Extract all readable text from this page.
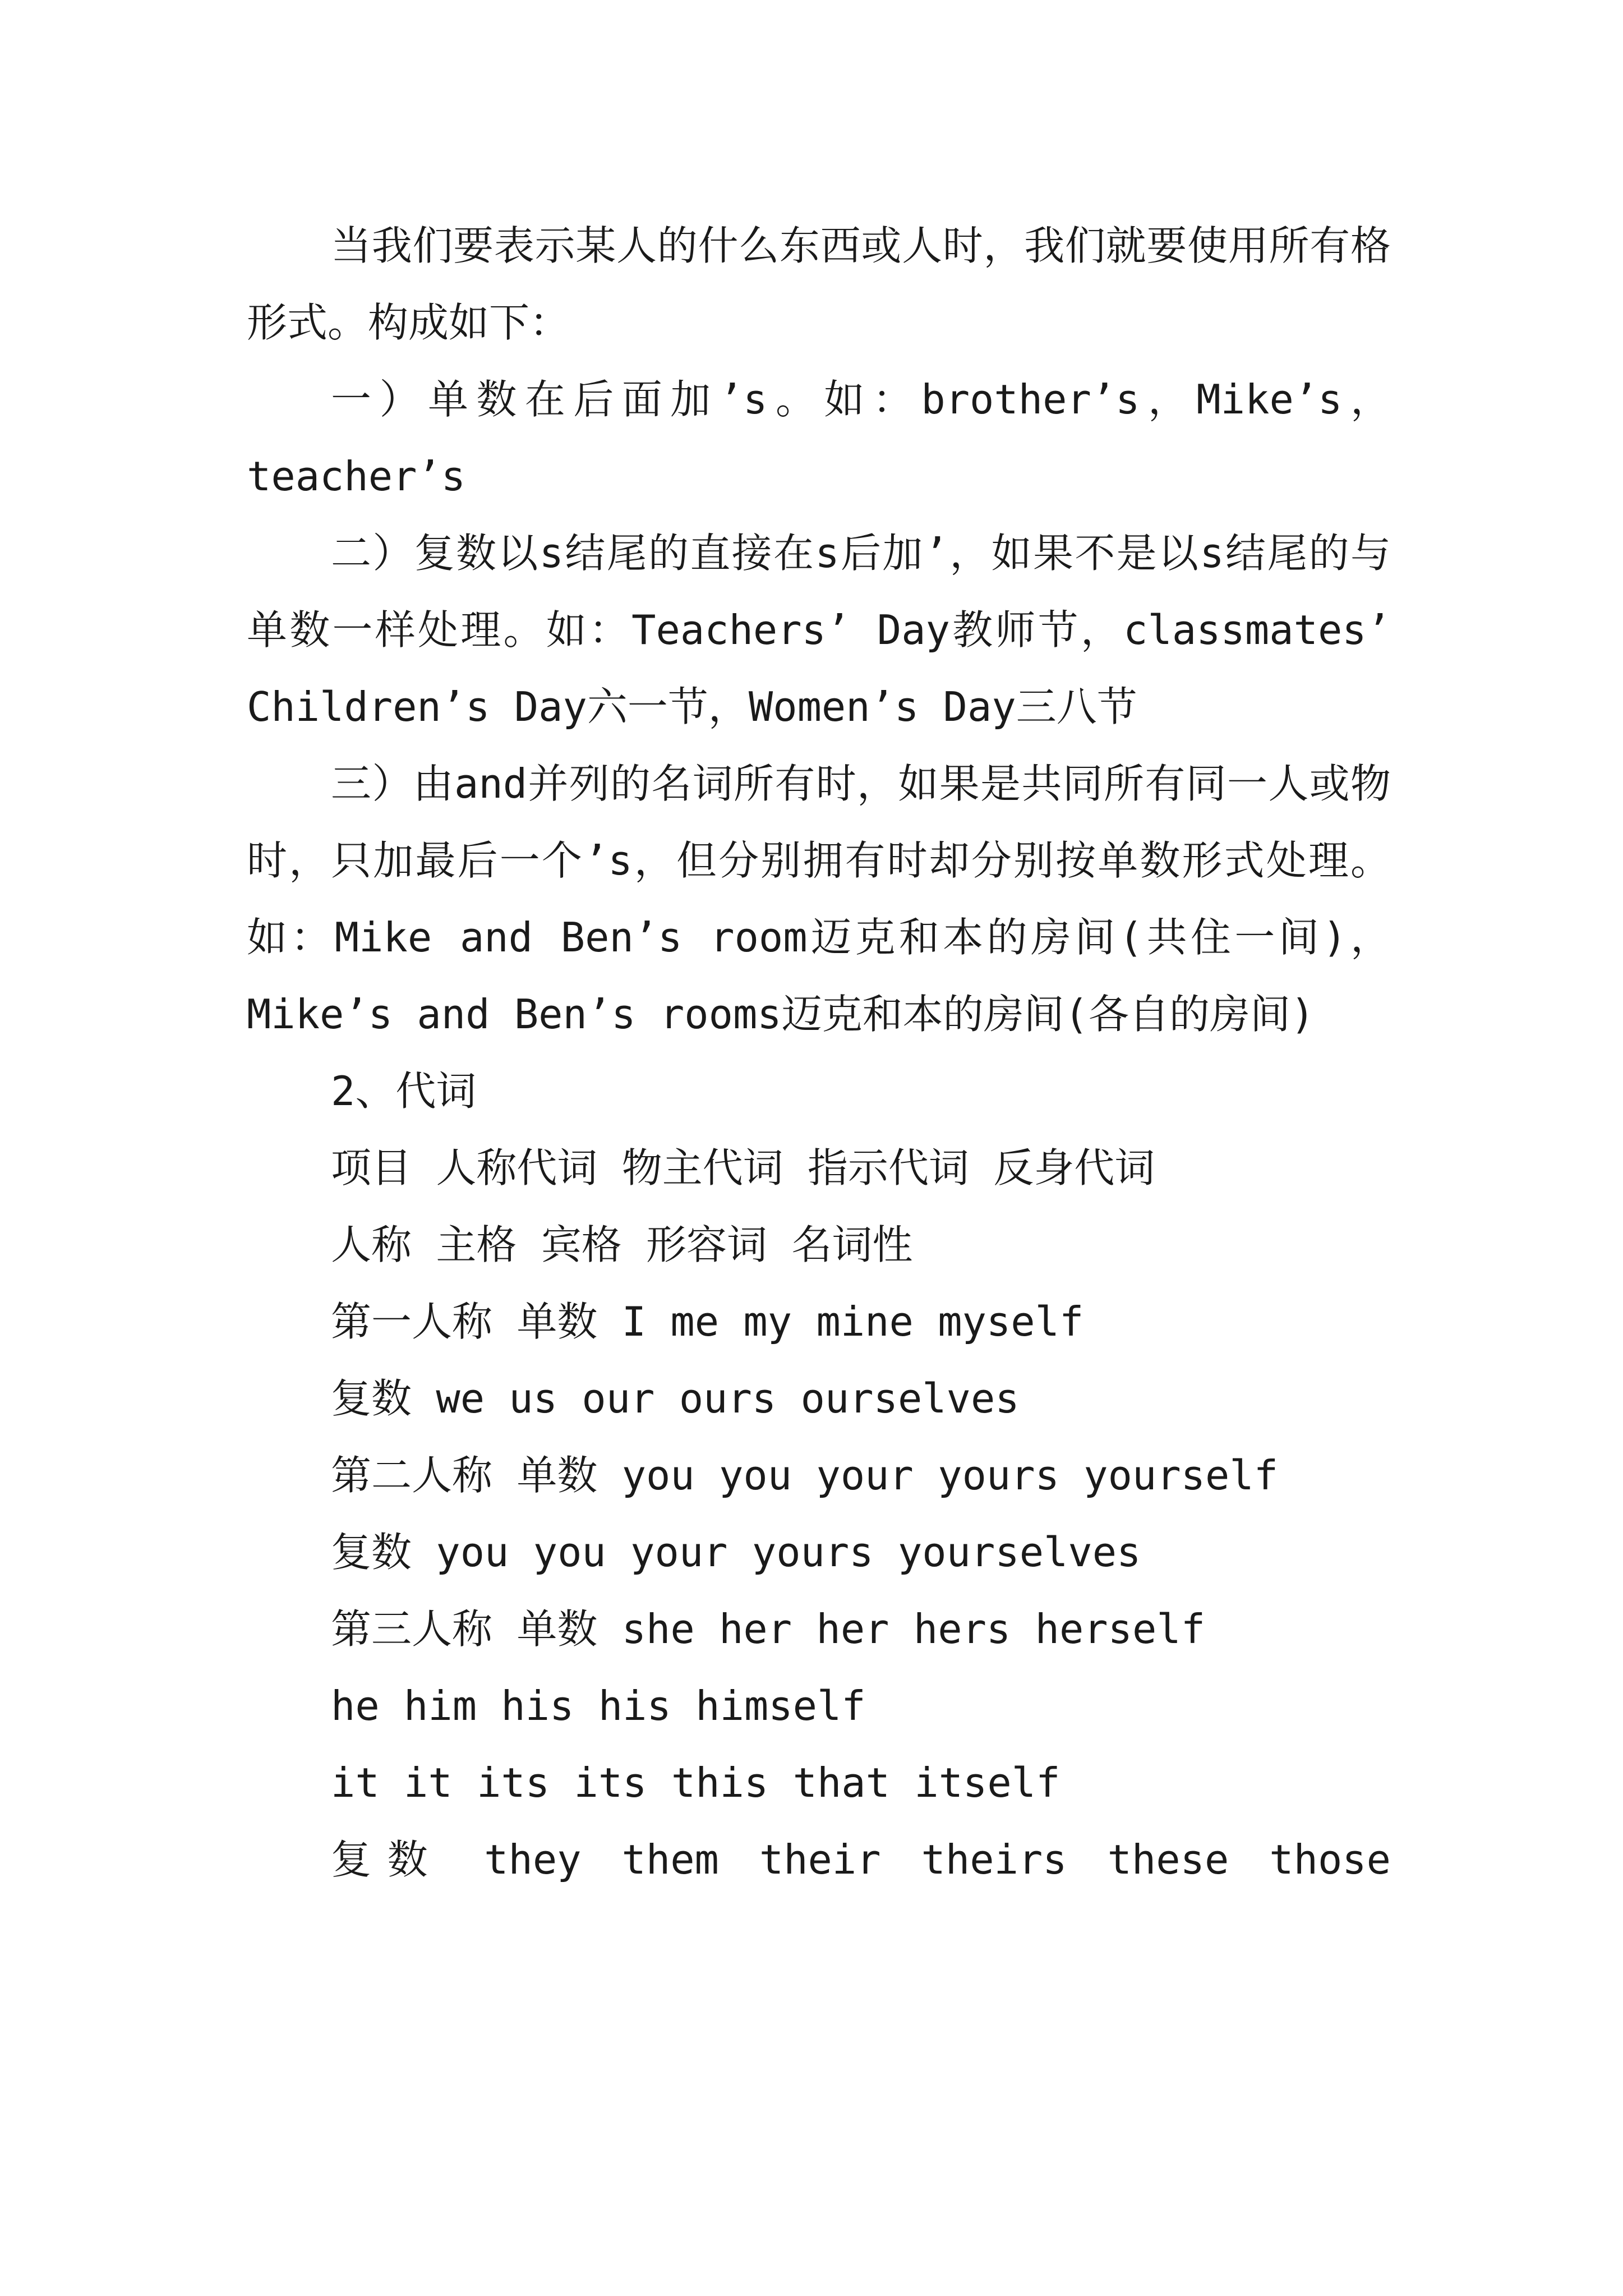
当我们要表示某人的什么东西或人时，我们就要使用所有格形式。构成如下：

一）单数在后面加’s。如：brother’s，Mike’s，teacher’s

二）复数以s结尾的直接在s后加’，如果不是以s结尾的与单数一样处理。如：Teachers’ Day教师节，classmates’ Children’s Day六一节，Women’s Day三八节

三）由and并列的名词所有时，如果是共同所有同一人或物时，只加最后一个’s，但分别拥有时却分别按单数形式处理。如：Mike and Ben’s room迈克和本的房间(共住一间)，Mike’s and Ben’s rooms迈克和本的房间(各自的房间)

2、代词

项目 人称代词 物主代词 指示代词 反身代词

人称 主格 宾格 形容词 名词性

第一人称 单数 I me my mine myself

复数 we us our ours ourselves

第二人称 单数 you you your yours yourself

复数 you you your yours yourselves

第三人称 单数 she her her hers herself

he him his his himself

it it its its this that itself

复数 they them their theirs these those
